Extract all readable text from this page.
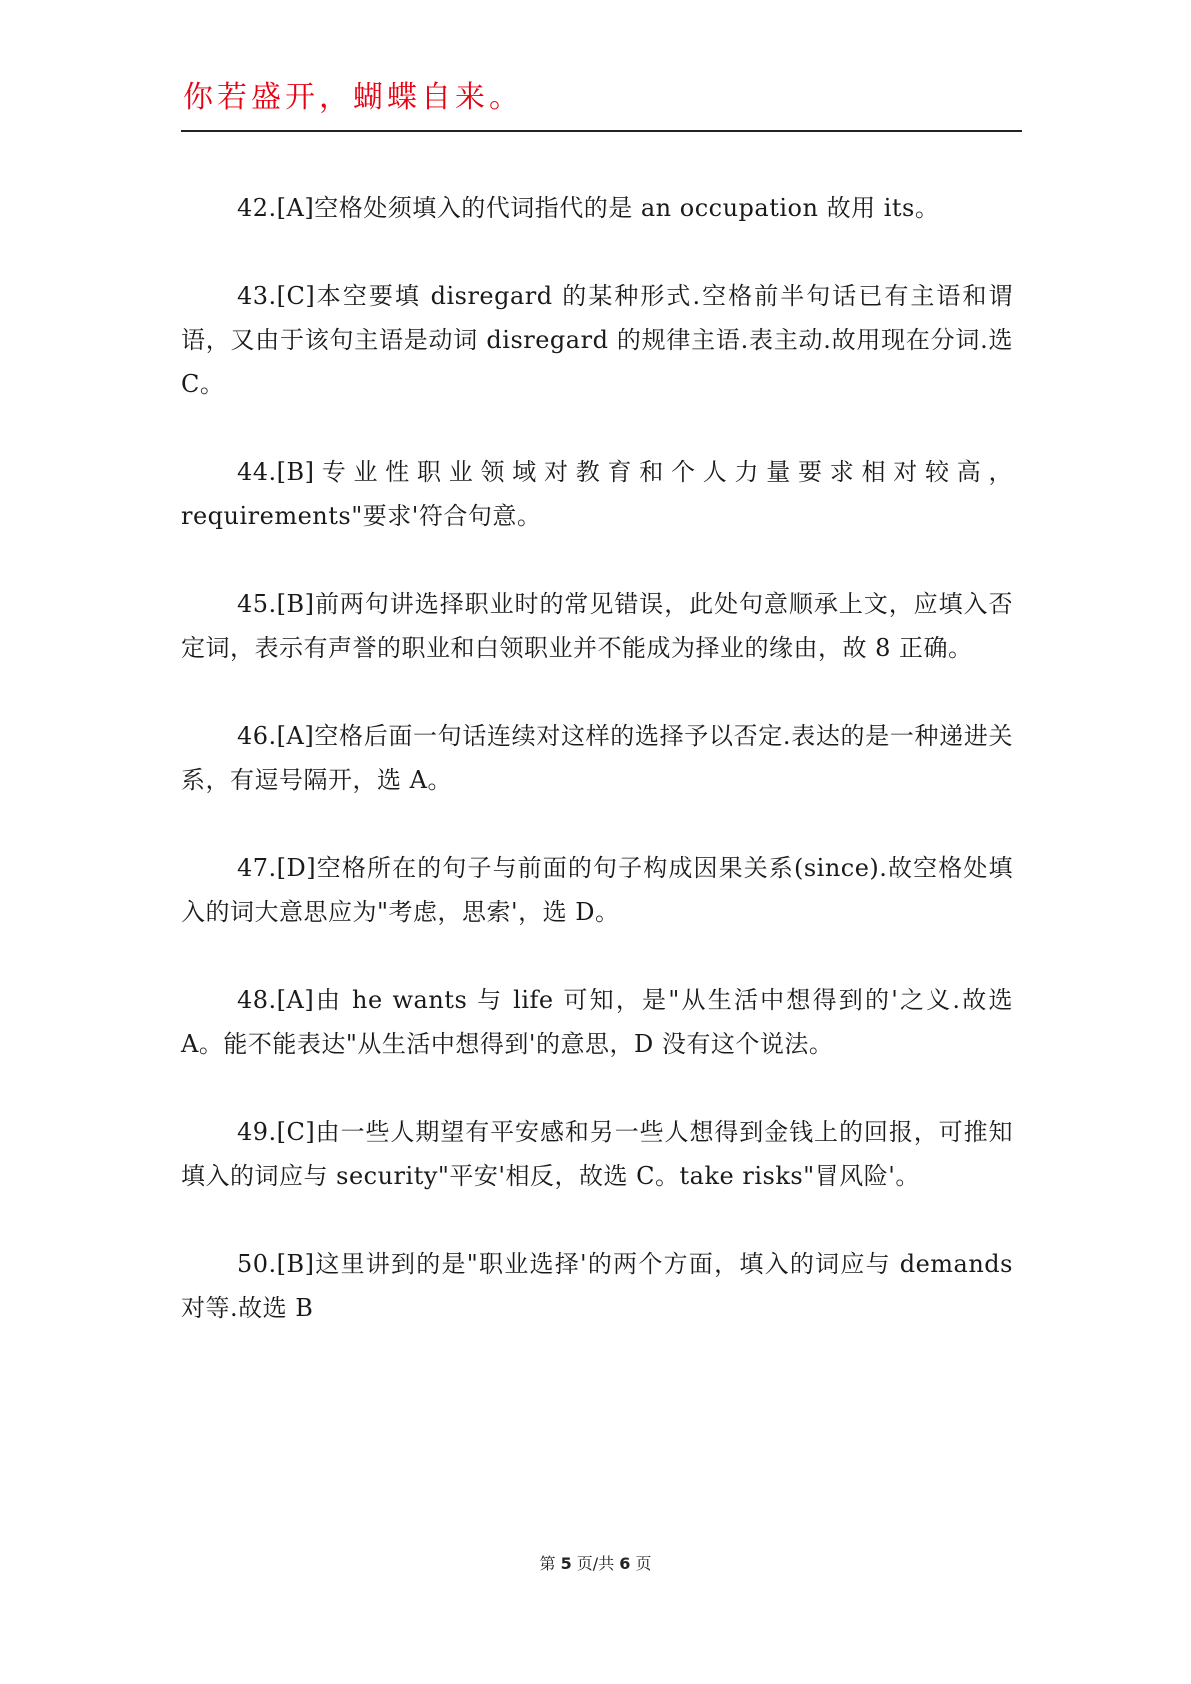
你若盛开，蝴蝶自来。

42.[A]空格处须填入的代词指代的是 an occupation 故用 its。

43.[C]本空要填 disregard 的某种形式.空格前半句话已有主语和谓语，又由于该句主语是动词 disregard 的规律主语.表主动.故用现在分词.选 C。

44.[B]专业性职业领域对教育和个人力量要求相对较高，requirements"要求'符合句意。

45.[B]前两句讲选择职业时的常见错误，此处句意顺承上文，应填入否定词，表示有声誉的职业和白领职业并不能成为择业的缘由，故 8 正确。

46.[A]空格后面一句话连续对这样的选择予以否定.表达的是一种递进关系，有逗号隔开，选 A。

47.[D]空格所在的句子与前面的句子构成因果关系(since).故空格处填入的词大意思应为"考虑，思索'，选 D。

48.[A]由 he wants 与 life 可知，是"从生活中想得到的'之义.故选 A。能不能表达"从生活中想得到'的意思，D 没有这个说法。

49.[C]由一些人期望有平安感和另一些人想得到金钱上的回报，可推知填入的词应与 security"平安'相反，故选 C。take risks"冒风险'。

50.[B]这里讲到的是"职业选择'的两个方面，填入的词应与 demands 对等.故选 B

第 5 页/共 6 页
